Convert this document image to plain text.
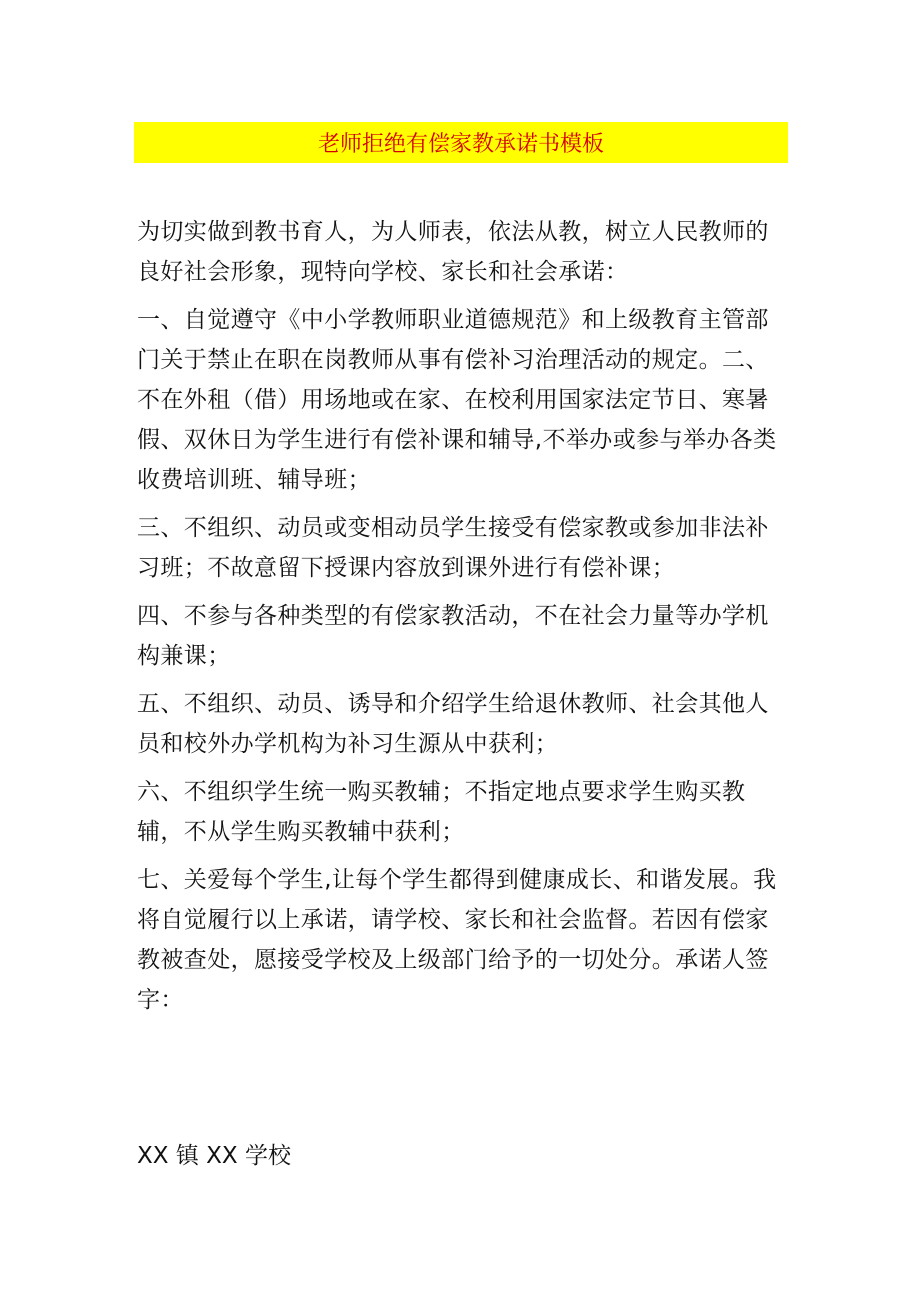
老师拒绝有偿家教承诺书模板
为切实做到教书育人，为人师表，依法从教，树立人民教师的
良好社会形象，现特向学校、家长和社会承诺：
一、自觉遵守《中小学教师职业道德规范》和上级教育主管部
门关于禁止在职在岗教师从事有偿补习治理活动的规定。二、
不在外租（借）用场地或在家、在校利用国家法定节日、寒暑
假、双休日为学生进行有偿补课和辅导,不举办或参与举办各类
收费培训班、辅导班；
三、不组织、动员或变相动员学生接受有偿家教或参加非法补
习班；不故意留下授课内容放到课外进行有偿补课；
四、不参与各种类型的有偿家教活动，不在社会力量等办学机
构兼课；
五、不组织、动员、诱导和介绍学生给退休教师、社会其他人
员和校外办学机构为补习生源从中获利；
六、不组织学生统一购买教辅；不指定地点要求学生购买教
辅，不从学生购买教辅中获利；
七、关爱每个学生,让每个学生都得到健康成长、和谐发展。我
将自觉履行以上承诺，请学校、家长和社会监督。若因有偿家
教被查处，愿接受学校及上级部门给予的一切处分。承诺人签
字：
XX 镇 XX 学校
